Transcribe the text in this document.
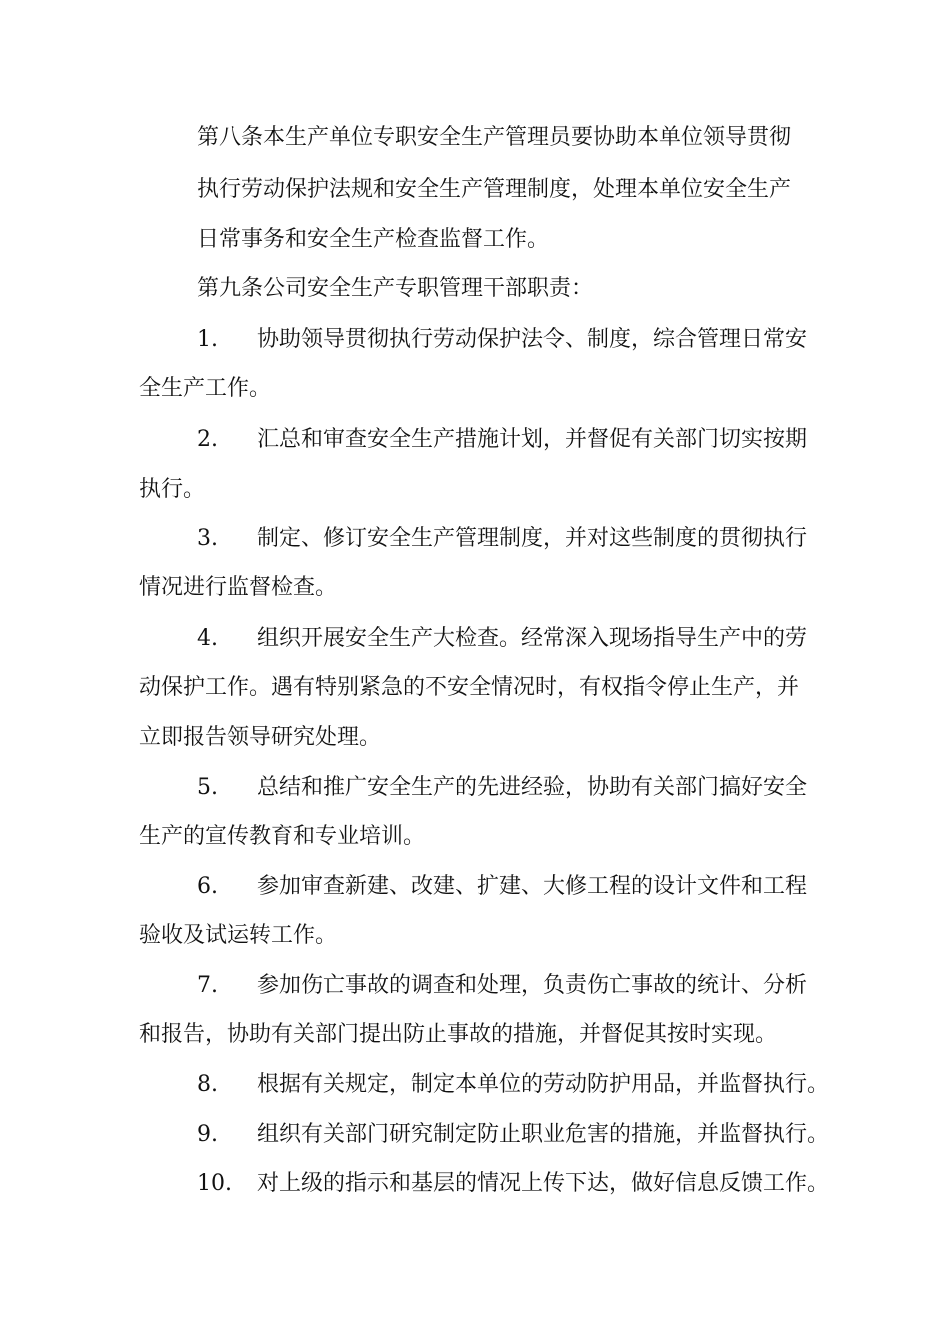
第八条本生产单位专职安全生产管理员要协助本单位领导贯彻
执行劳动保护法规和安全生产管理制度，处理本单位安全生产
日常事务和安全生产检查监督工作。
第九条公司安全生产专职管理干部职责：
1. 协助领导贯彻执行劳动保护法令、制度，综合管理日常安
全生产工作。
2. 汇总和审查安全生产措施计划，并督促有关部门切实按期
执行。
3. 制定、修订安全生产管理制度，并对这些制度的贯彻执行
情况进行监督检查。
4. 组织开展安全生产大检查。经常深入现场指导生产中的劳
动保护工作。遇有特别紧急的不安全情况时，有权指令停止生产，并
立即报告领导研究处理。
5. 总结和推广安全生产的先进经验，协助有关部门搞好安全
生产的宣传教育和专业培训。
6. 参加审查新建、改建、扩建、大修工程的设计文件和工程
验收及试运转工作。
7. 参加伤亡事故的调查和处理，负责伤亡事故的统计、分析
和报告，协助有关部门提出防止事故的措施，并督促其按时实现。
8. 根据有关规定，制定本单位的劳动防护用品，并监督执行。
9. 组织有关部门研究制定防止职业危害的措施，并监督执行。
10. 对上级的指示和基层的情况上传下达，做好信息反馈工作。
